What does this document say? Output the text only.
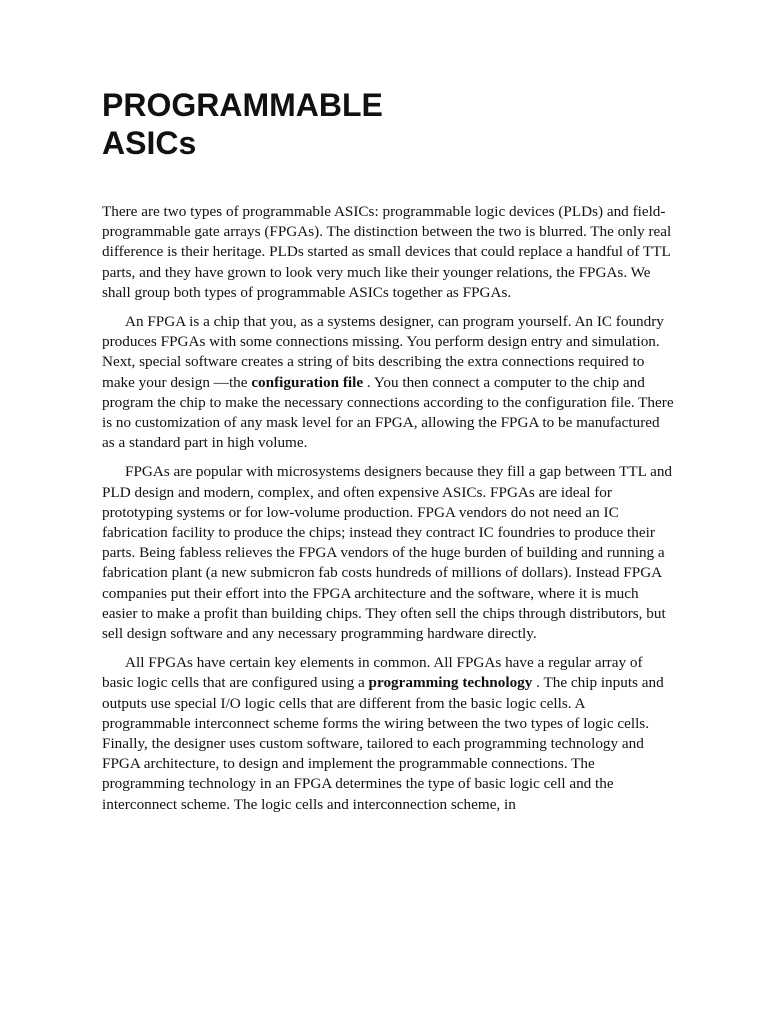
PROGRAMMABLE
ASICs

There are two types of programmable ASICs: programmable logic devices (PLDs) and field-programmable gate arrays (FPGAs). The distinction between the two is blurred. The only real difference is their heritage. PLDs started as small devices that could replace a handful of TTL parts, and they have grown to look very much like their younger relations, the FPGAs. We shall group both types of programmable ASICs together as FPGAs.

An FPGA is a chip that you, as a systems designer, can program yourself. An IC foundry produces FPGAs with some connections missing. You perform design entry and simulation. Next, special software creates a string of bits describing the extra connections required to make your design —the configuration file . You then connect a computer to the chip and program the chip to make the necessary connections according to the configuration file. There is no customization of any mask level for an FPGA, allowing the FPGA to be manufactured as a standard part in high volume.

FPGAs are popular with microsystems designers because they fill a gap between TTL and PLD design and modern, complex, and often expensive ASICs. FPGAs are ideal for prototyping systems or for low-volume production. FPGA vendors do not need an IC fabrication facility to produce the chips; instead they contract IC foundries to produce their parts. Being fabless relieves the FPGA vendors of the huge burden of building and running a fabrication plant (a new submicron fab costs hundreds of millions of dollars). Instead FPGA companies put their effort into the FPGA architecture and the software, where it is much easier to make a profit than building chips. They often sell the chips through distributors, but sell design software and any necessary programming hardware directly.

All FPGAs have certain key elements in common. All FPGAs have a regular array of basic logic cells that are configured using a programming technology . The chip inputs and outputs use special I/O logic cells that are different from the basic logic cells. A programmable interconnect scheme forms the wiring between the two types of logic cells. Finally, the designer uses custom software, tailored to each programming technology and FPGA architecture, to design and implement the programmable connections. The programming technology in an FPGA determines the type of basic logic cell and the interconnect scheme. The logic cells and interconnection scheme, in
